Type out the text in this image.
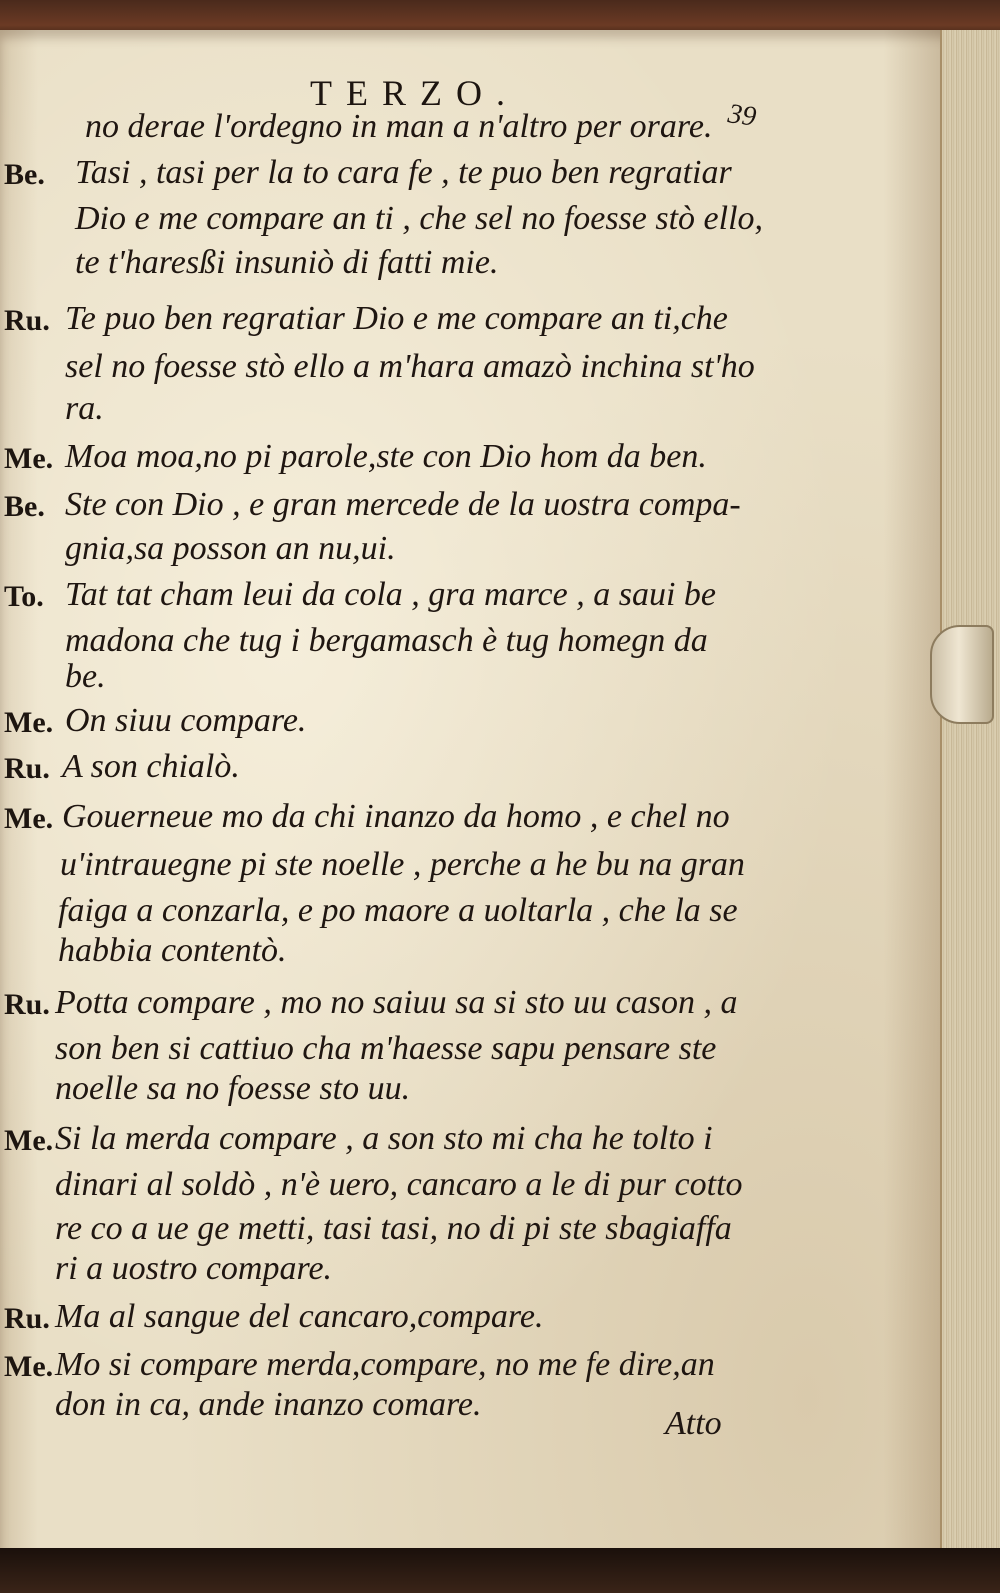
TERZO.
39
no derae l'ordegno in man a n'altro per orare.
Be. Tasi , tasi per la to cara fe , te puo ben regratiar
Dio e me compare an ti , che sel no foesse stò ello,
te t'haresßi insuniò di fatti mie.
Ru. Te puo ben regratiar Dio e me compare an ti,che
sel no foesse stò ello a m'hara amazò inchina st'ho
ra.
Me. Moa moa,no pi parole,ste con Dio hom da ben.
Be. Ste con Dio , e gran mercede de la uostra compa-
gnia,sa posson an nu,ui.
To. Tat tat cham leui da cola , gra marce , a saui be
madona che tug i bergamasch è tug homegn da
be.
Me. On siuu compare.
Ru. A son chialò.
Me. Gouerneue mo da chi inanzo da homo , e chel no
u'intrauegne pi ste noelle , perche a he bu na gran
faiga a conzarla, e po maore a uoltarla , che la se
habbia contentò.
Ru. Potta compare , mo no saiuu sa si sto uu cason , a
son ben si cattiuo cha m'haesse sapu pensare ste
noelle sa no foesse sto uu.
Me. Si la merda compare , a son sto mi cha he tolto i
dinari al soldò , n'è uero, cancaro a le di pur cotto
re co a ue ge metti, tasi tasi, no di pi ste sbagiaffa
ri a uostro compare.
Ru. Ma al sangue del cancaro,compare.
Me. Mo si compare merda,compare, no me fe dire,an
don in ca, ande inanzo comare.
Atto
